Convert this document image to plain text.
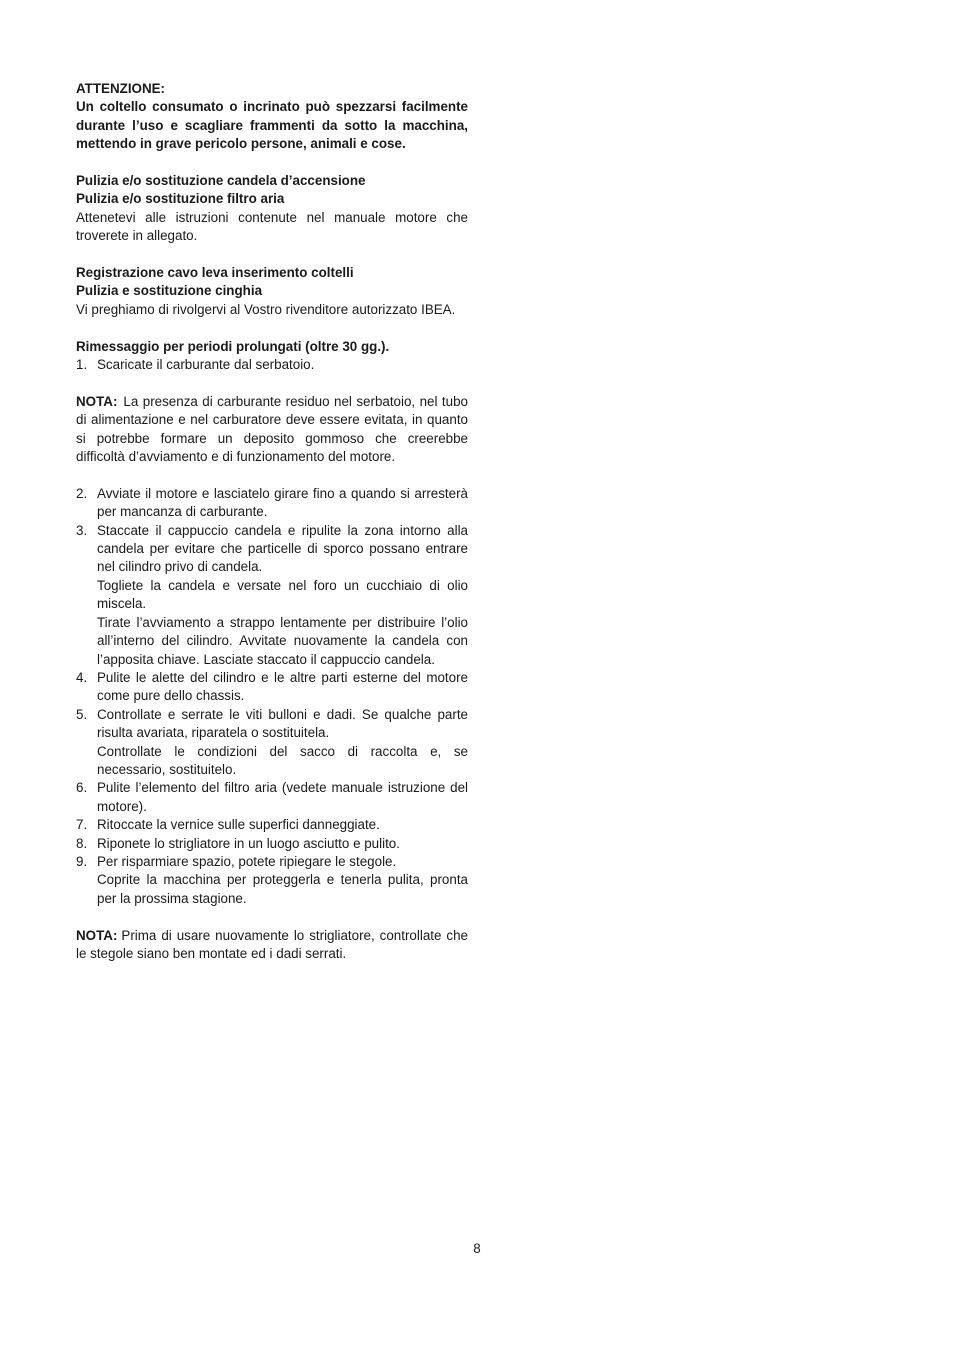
ATTENZIONE:

Un coltello consumato o incrinato può spezzarsi facilmente durante l’uso e scagliare frammenti da sotto la macchina, mettendo in grave pericolo persone, animali e cose.

Pulizia e/o sostituzione candela d’accensione

Pulizia e/o sostituzione filtro aria

Attenetevi alle istruzioni contenute nel manuale motore che troverete in allegato.

Registrazione cavo leva inserimento coltelli

Pulizia e sostituzione cinghia

Vi preghiamo di rivolgervi al Vostro rivenditore autorizzato IBEA.

Rimessaggio per periodi prolungati (oltre 30 gg.).

1. Scaricate il carburante dal serbatoio.

NOTA: La presenza di carburante residuo nel serbatoio, nel tubo di alimentazione e nel carburatore deve essere evitata, in quanto si potrebbe formare un deposito gommoso che creerebbe difficoltà d’avviamento e di funzionamento del motore.

2. Avviate il motore e lasciatelo girare fino a quando si arresterà per mancanza di carburante.
3. Staccate il cappuccio candela e ripulite la zona intorno alla candela per evitare che particelle di sporco possano entrare nel cilindro privo di candela.
Togliete la candela e versate nel foro un cucchiaio di olio miscela.
Tirate l’avviamento a strappo lentamente per distribuire l’olio all’interno del cilindro. Avvitate nuovamente la candela con l’apposita chiave. Lasciate staccato il cappuccio candela.
4. Pulite le alette del cilindro e le altre parti esterne del motore come pure dello chassis.
5. Controllate e serrate le viti bulloni e dadi. Se qualche parte risulta avariata, riparatela o sostituitela.
Controllate le condizioni del sacco di raccolta e, se necessario, sostituitelo.
6. Pulite l’elemento del filtro aria (vedete manuale istruzione del motore).
7. Ritoccate la vernice sulle superfici danneggiate.
8. Riponete lo strigliatore in un luogo asciutto e pulito.
9. Per risparmiare spazio, potete ripiegare le stegole.
Coprite la macchina per proteggerla e tenerla pulita, pronta per la prossima stagione.

NOTA: Prima di usare nuovamente lo strigliatore, controllate che le stegole siano ben montate ed i dadi serrati.

8
